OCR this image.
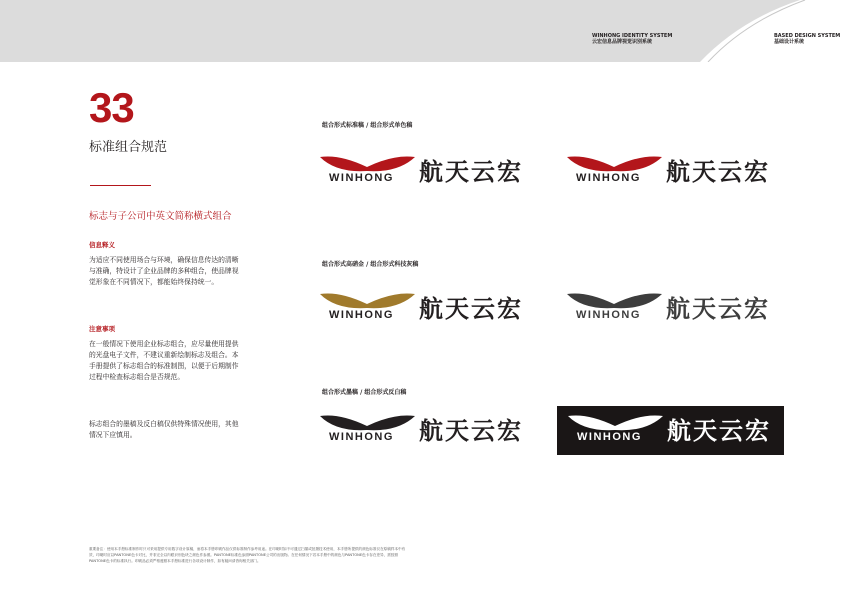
WINHONG IDENTITY SYSTEM
云宏信息品牌视觉识别系统
BASED DESIGN SYSTEM
基础设计系统
33
标准组合规范
标志与子公司中英文简称横式组合
信息释义
为适应不同使用场合与环境，确保信息传达的清晰与准确，特设计了企业品牌的多种组合，使品牌视觉形象在不同情况下，都能始终保持统一。
注意事项
在一般情况下使用企业标志组合，应尽量使用提供的光盘电子文件，不建议重新绘制标志及组合。本手册提供了标志组合的标准制图，以便于后期制作过程中检查标志组合是否规范。
标志组合的墨稿及反白稿仅供特殊情况使用，其他情况下应慎用。
组合形式标准稿 / 组合形式单色稿
组合形式高硝金 / 组合形式科技灰稿
组合形式墨稿 / 组合形式反白稿
WINHONG 航天云宏	WINHONG 航天云宏
WINHONG 航天云宏	WINHONG 航天云宏
WINHONG 航天云宏	WINHONG 航天云宏
重要备注：使用本手册标准制作时只可采用提供专用数字设计原稿，而将本手册印刷作品仅供标准制作参考用途。在印刷时如不可通过扫描或拍摄技术使用，本手册所提供的颜色标准仅在原稿样本中有效，印刷时应以PANTONE色卡对比，并非完全以肉眼识别色块之颜色作参照。PANTONE标准色参照PANTONE公司的出版物。在任何情况下若本手册中的颜色与PANTONE色卡存在差异，需按照PANTONE色卡的标准执行。印刷品必须严格遵照本手册标准进行各项设计制作，如有疑问请咨询相关部门。
